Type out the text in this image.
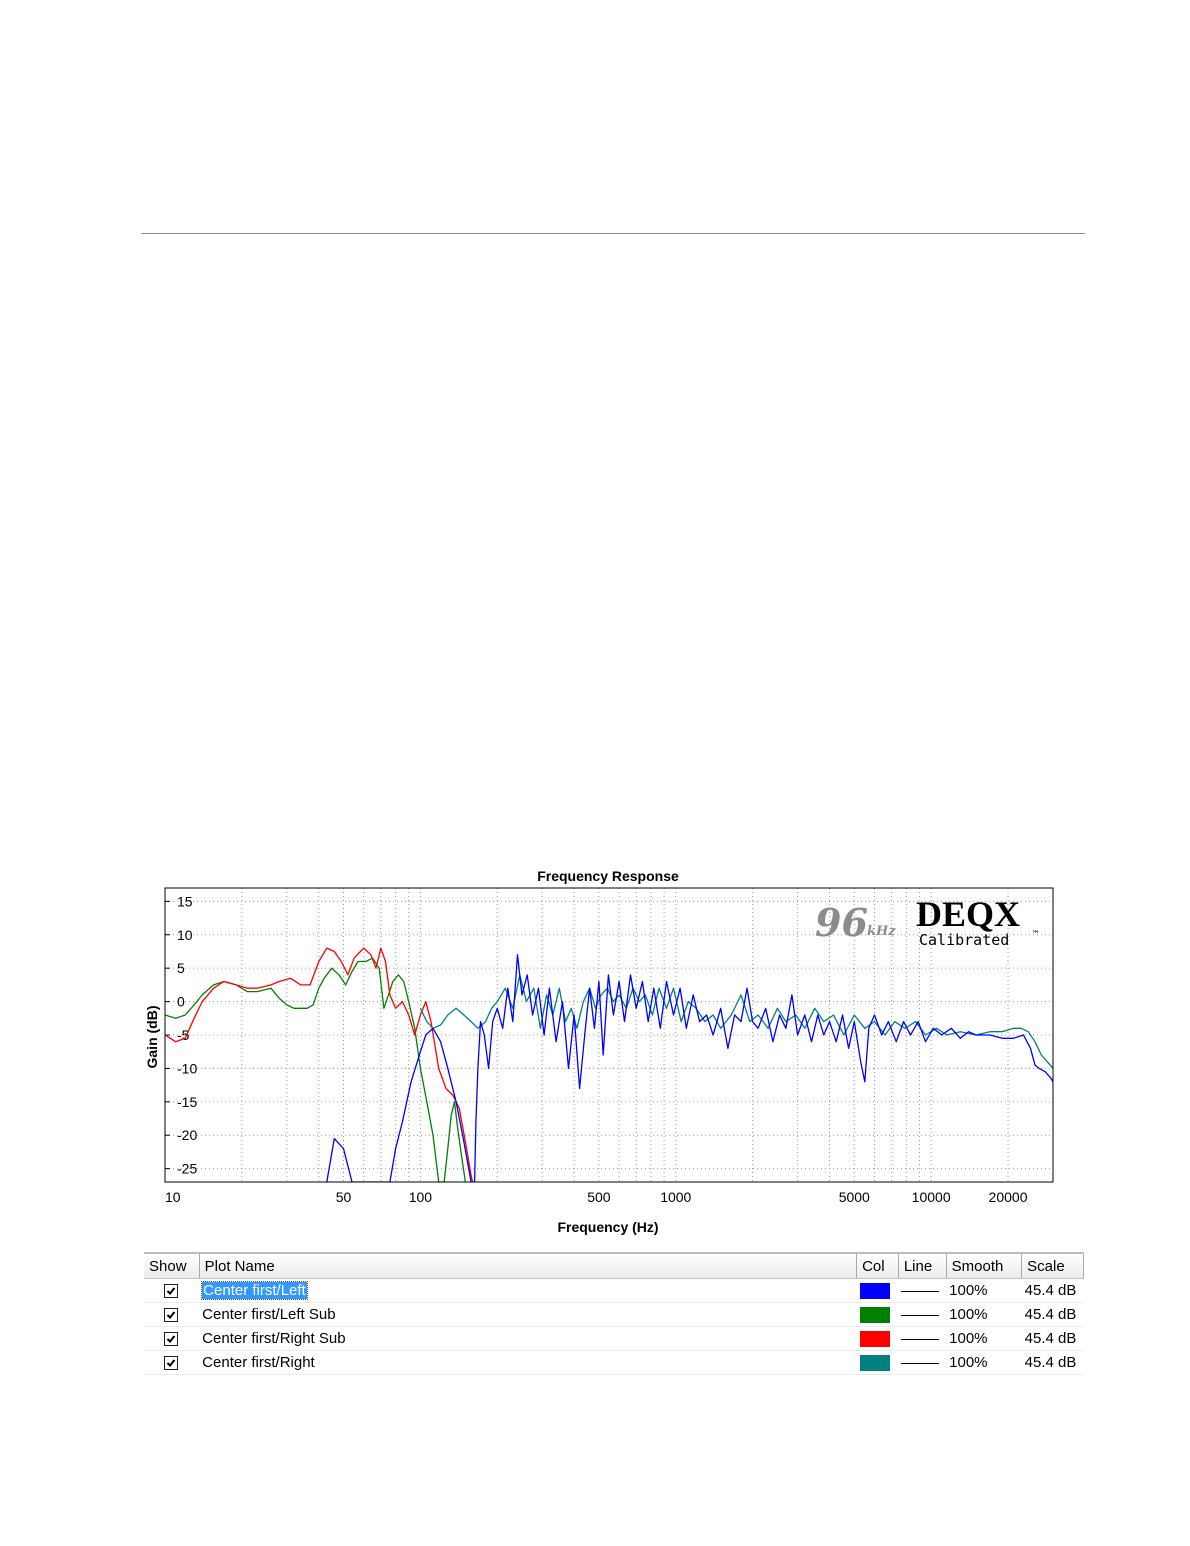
Frequency Response
15
10
5
0
-5
-10
-15
-20
-25
10	50	100	500	1000	5000	10000	20000
Gain (dB)
Frequency (Hz)
96 kHz DEQX
Calibrated	™
Show	Plot Name	Col	Line	Smooth	Scale

	Center first/Left			100%	45.4 dB

	Center first/Left Sub			100%	45.4 dB

	Center first/Right Sub			100%	45.4 dB

	Center first/Right			100%	45.4 dB
